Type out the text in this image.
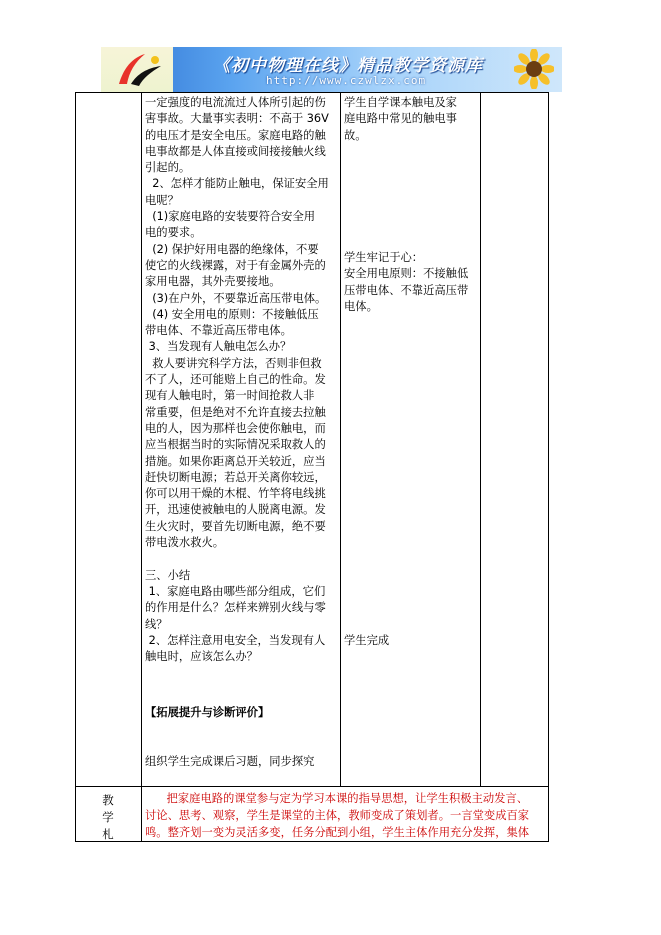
《初中物理在线》精品教学资源库
http://www.czwlzx.com

一定强度的电流流过人体所引起的伤

害事故。大量事实表明：不高于 36V

的电压才是安全电压。家庭电路的触

电事故都是人体直接或间接接触火线

引起的。

2、怎样才能防止触电，保证安全用

电呢？

(1)家庭电路的安装要符合安全用

电的要求。

(2) 保护好用电器的绝缘体，不要

使它的火线裸露，对于有金属外壳的

家用电器，其外壳要接地。

(3)在户外，不要靠近高压带电体。

(4) 安全用电的原则：不接触低压

带电体、不靠近高压带电体。

3、当发现有人触电怎么办？

救人要讲究科学方法，否则非但救

不了人，还可能赔上自己的性命。发

现有人触电时，第一时间抢救人非

常重要，但是绝对不允许直接去拉触

电的人，因为那样也会使你触电，而

应当根据当时的实际情况采取救人的

措施。如果你距离总开关较近，应当

赶快切断电源；若总开关离你较远，

你可以用干燥的木棍、竹竿将电线挑

开，迅速使被触电的人脱离电源。发

生火灾时，要首先切断电源，绝不要

带电泼水救火。

三、小结

1、家庭电路由哪些部分组成，它们

的作用是什么？怎样来辨别火线与零

线？

2、怎样注意用电安全，当发现有人

触电时，应该怎么办？

【拓展提升与诊断评价】
组织学生完成课后习题，同步探究

学生自学课本触电及家

庭电路中常见的触电事

故。

学生牢记于心：

安全用电原则：不接触低

压带电体、不靠近高压带

电体。

学生完成
教
学
札

把家庭电路的课堂参与定为学习本课的指导思想，让学生积极主动发言、

讨论、思考、观察，学生是课堂的主体，教师变成了策划者。一言堂变成百家

鸣。整齐划一变为灵活多变，任务分配到小组，学生主体作用充分发挥，集体
